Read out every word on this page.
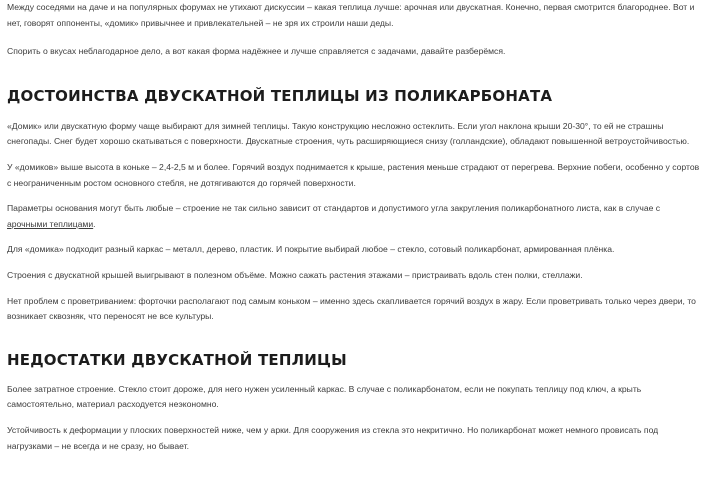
Между соседями на даче и на популярных форумах не утихают дискуссии – какая теплица лучше: арочная или двускатная. Конечно, первая смотрится благороднее. Вот и нет, говорят оппоненты, «домик» привычнее и привлекательней – не зря их строили наши деды.

Спорить о вкусах неблагодарное дело, а вот какая форма надёжнее и лучше справляется с задачами, давайте разберёмся.

ДОСТОИНСТВА ДВУСКАТНОЙ ТЕПЛИЦЫ ИЗ ПОЛИКАРБОНАТА

«Домик» или двускатную форму чаще выбирают для зимней теплицы. Такую конструкцию несложно остеклить. Если угол наклона крыши 20-30°, то ей не страшны снегопады. Снег будет хорошо скатываться с поверхности. Двускатные строения, чуть расширяющиеся снизу (голландские), обладают повышенной ветроустойчивостью.

У «домиков» выше высота в коньке – 2,4-2,5 м и более. Горячий воздух поднимается к крыше, растения меньше страдают от перегрева. Верхние побеги, особенно у сортов с неограниченным ростом основного стебля, не дотягиваются до горячей поверхности.

Параметры основания могут быть любые – строение не так сильно зависит от стандартов и допустимого угла закругления поликарбонатного листа, как в случае с арочными теплицами.

Для «домика» подходит разный каркас – металл, дерево, пластик. И покрытие выбирай любое – стекло, сотовый поликарбонат, армированная плёнка.

Строения с двускатной крышей выигрывают в полезном объёме. Можно сажать растения этажами – пристраивать вдоль стен полки, стеллажи.

Нет проблем с проветриванием: форточки располагают под самым коньком – именно здесь скапливается горячий воздух в жару. Если проветривать только через двери, то возникает сквозняк, что переносят не все культуры.

НЕДОСТАТКИ ДВУСКАТНОЙ ТЕПЛИЦЫ

Более затратное строение. Стекло стоит дороже, для него нужен усиленный каркас. В случае с поликарбонатом, если не покупать теплицу под ключ, а крыть самостоятельно, материал расходуется неэкономно.

Устойчивость к деформации у плоских поверхностей ниже, чем у арки. Для сооружения из стекла это некритично. Но поликарбонат может немного провисать под нагрузками – не всегда и не сразу, но бывает.
